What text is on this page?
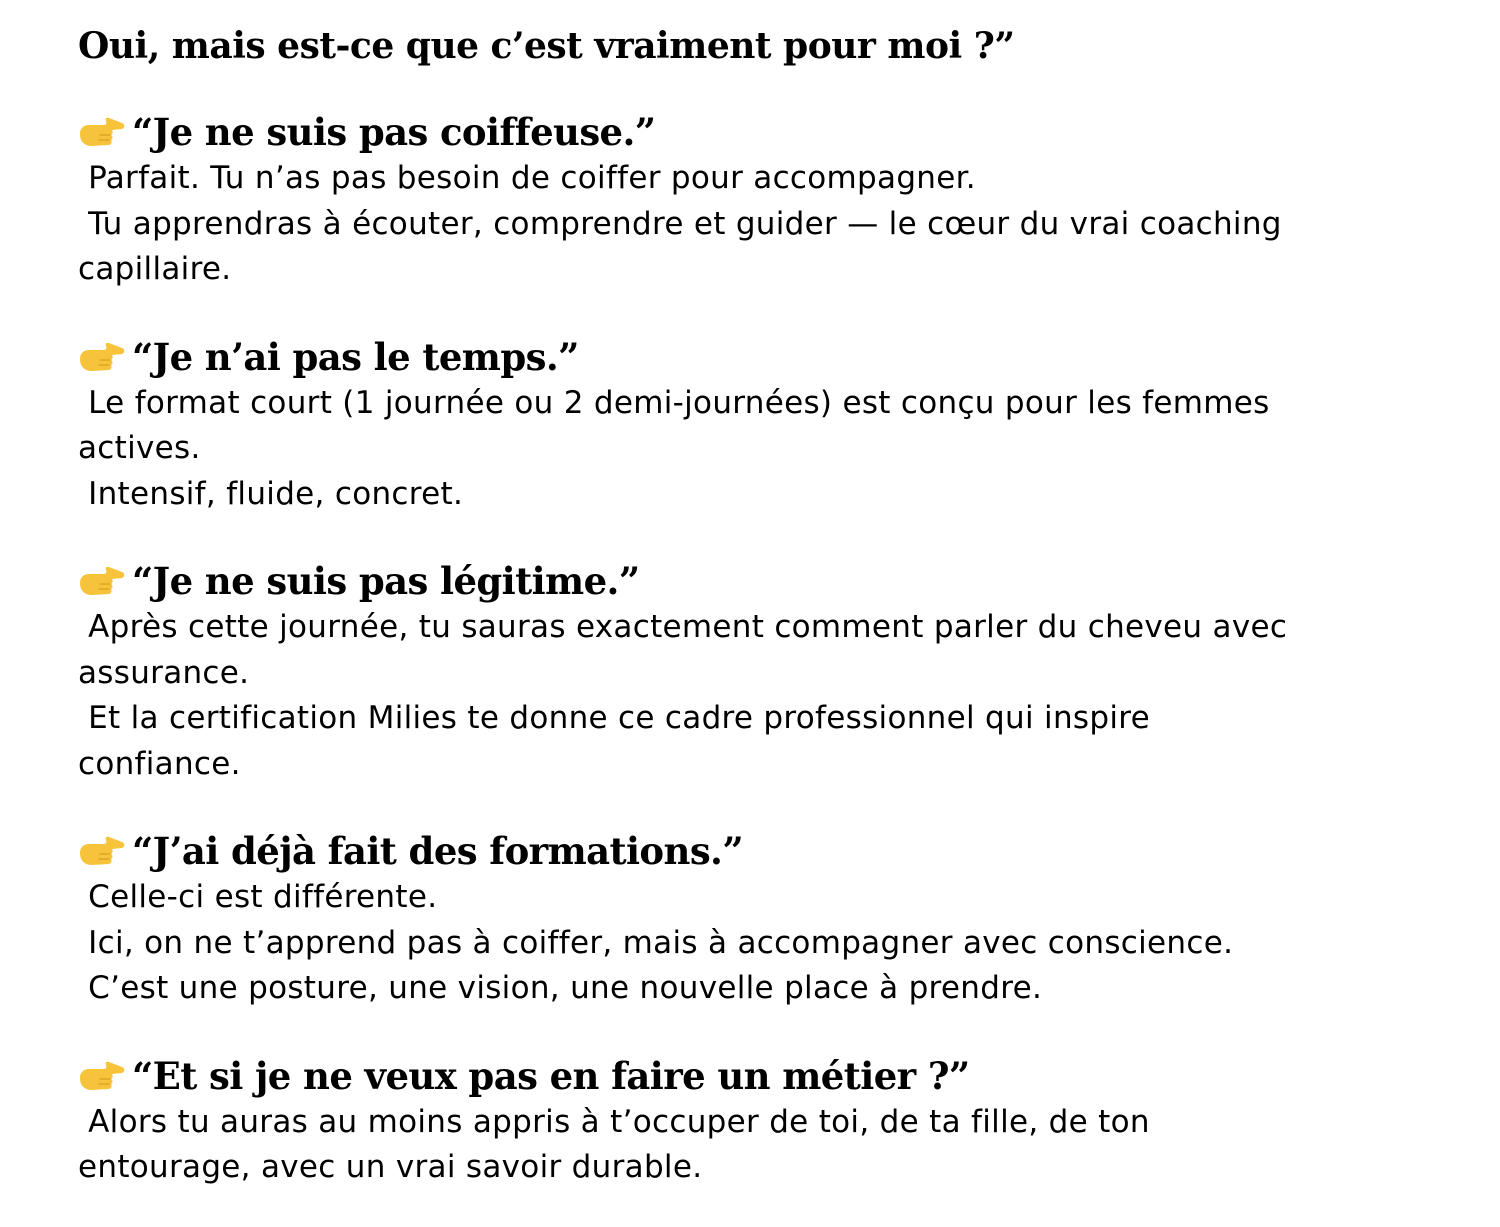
Oui, mais est-ce que c’est vraiment pour moi ?”
“Je ne suis pas coiffeuse.”

Parfait. Tu n’as pas besoin de coiffer pour accompagner.
Tu apprendras à écouter, comprendre et guider — le cœur du vrai coaching
capillaire.

“Je n’ai pas le temps.”

Le format court (1 journée ou 2 demi-journées) est conçu pour les femmes
actives.
Intensif, fluide, concret.

“Je ne suis pas légitime.”

Après cette journée, tu sauras exactement comment parler du cheveu avec
assurance.
Et la certification Milies te donne ce cadre professionnel qui inspire
confiance.

“J’ai déjà fait des formations.”

Celle-ci est différente.
Ici, on ne t’apprend pas à coiffer, mais à accompagner avec conscience.
C’est une posture, une vision, une nouvelle place à prendre.

“Et si je ne veux pas en faire un métier ?”

Alors tu auras au moins appris à t’occuper de toi, de ta fille, de ton
entourage, avec un vrai savoir durable.
